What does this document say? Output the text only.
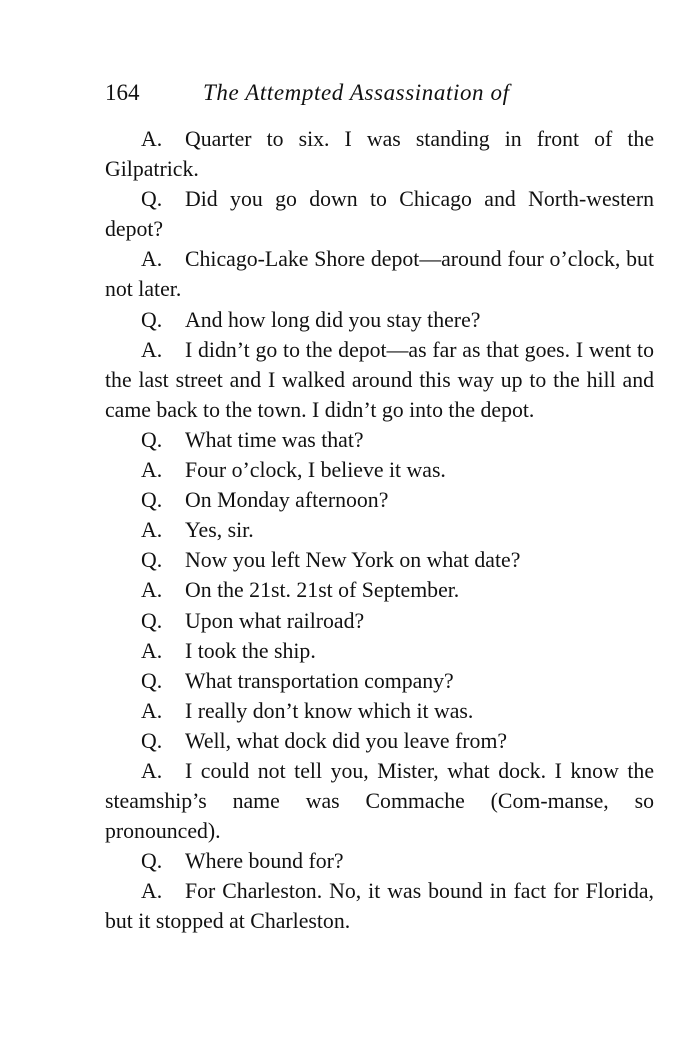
164	The Attempted Assassination of

A. Quarter to six. I was standing in front of the Gilpatrick.

Q. Did you go down to Chicago and North-western depot?

A. Chicago-Lake Shore depot—around four o’clock, but not later.

Q. And how long did you stay there?

A. I didn’t go to the depot—as far as that goes. I went to the last street and I walked around this way up to the hill and came back to the town. I didn’t go into the depot.

Q. What time was that?

A. Four o’clock, I believe it was.

Q. On Monday afternoon?

A. Yes, sir.

Q. Now you left New York on what date?

A. On the 21st. 21st of September.

Q. Upon what railroad?

A. I took the ship.

Q. What transportation company?

A. I really don’t know which it was.

Q. Well, what dock did you leave from?

A. I could not tell you, Mister, what dock. I know the steamship’s name was Commache (Com-manse, so pronounced).

Q. Where bound for?

A. For Charleston. No, it was bound in fact for Florida, but it stopped at Charleston.
